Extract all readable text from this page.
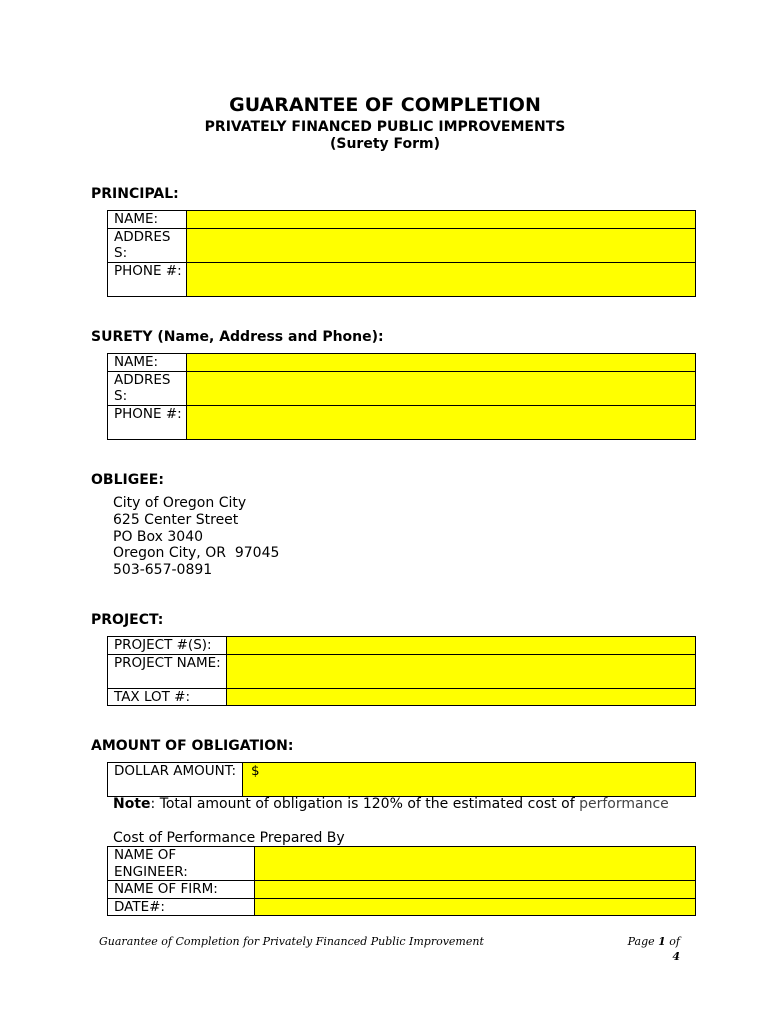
GUARANTEE OF COMPLETION
PRIVATELY FINANCED PUBLIC IMPROVEMENTS
(Surety Form)
PRINCIPAL:
NAME:	
ADDRES S:	
PHONE #:	
SURETY (Name, Address and Phone):
NAME:	
ADDRES S:	
PHONE #:	
OBLIGEE:
City of Oregon City
625 Center Street
PO Box 3040
Oregon City, OR  97045
503-657-0891
PROJECT:
PROJECT #(S):	
PROJECT NAME:	
TAX LOT #:	
AMOUNT OF OBLIGATION:
DOLLAR AMOUNT:	$
Note: Total amount of obligation is 120% of the estimated cost of performance
Cost of Performance Prepared By
NAME OF ENGINEER:	
NAME OF FIRM:	
DATE#:	
Guarantee of Completion for Privately Financed Public Improvement	Page 1 of
4
